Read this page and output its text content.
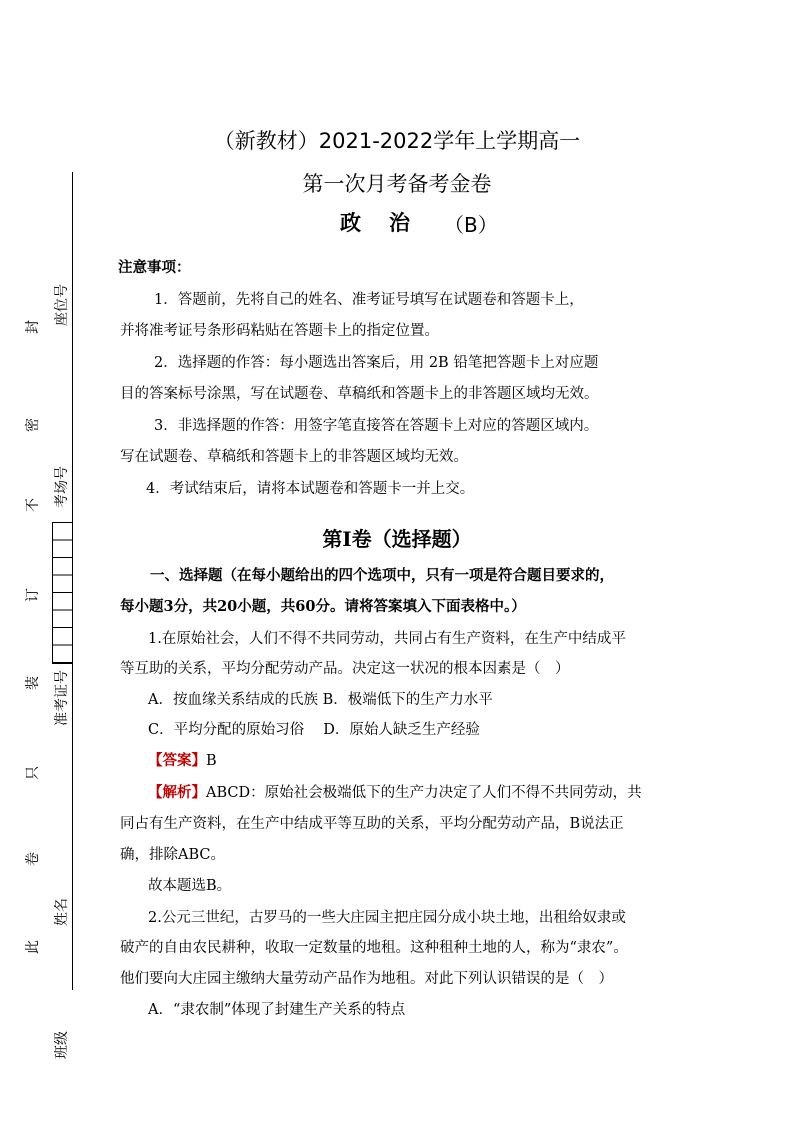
座位号
考场号
准考证号
姓名
班级
封
密
不
订
装
只
卷
此
（新教材）2021-2022学年上学期高一
第一次月考备考金卷
政治 （B）
注意事项：
1．答题前，先将自己的姓名、准考证号填写在试题卷和答题卡上，
并将准考证号条形码粘贴在答题卡上的指定位置。
2．选择题的作答：每小题选出答案后，用 2B 铅笔把答题卡上对应题
目的答案标号涂黑，写在试题卷、草稿纸和答题卡上的非答题区域均无效。
3．非选择题的作答：用签字笔直接答在答题卡上对应的答题区域内。
写在试题卷、草稿纸和答题卡上的非答题区域均无效。
4．考试结束后，请将本试题卷和答题卡一并上交。
第Ⅰ卷（选择题）
一、选择题（在每小题给出的四个选项中，只有一项是符合题目要求的，
每小题3分，共20小题，共60分。请将答案填入下面表格中。）
1.在原始社会，人们不得不共同劳动，共同占有生产资料，在生产中结成平
等互助的关系，平均分配劳动产品。决定这一状况的根本因素是（　）
A．按血缘关系结成的氏族 B．极端低下的生产力水平
C．平均分配的原始习俗　 D．原始人缺乏生产经验
【答案】B
【解析】ABCD：原始社会极端低下的生产力决定了人们不得不共同劳动，共
同占有生产资料，在生产中结成平等互助的关系，平均分配劳动产品，B说法正
确，排除ABC。
故本题选B。
2.公元三世纪，古罗马的一些大庄园主把庄园分成小块土地，出租给奴隶或
破产的自由农民耕种，收取一定数量的地租。这种租种土地的人，称为“隶农”。
他们要向大庄园主缴纳大量劳动产品作为地租。对此下列认识错误的是（　）
A．“隶农制”体现了封建生产关系的特点
